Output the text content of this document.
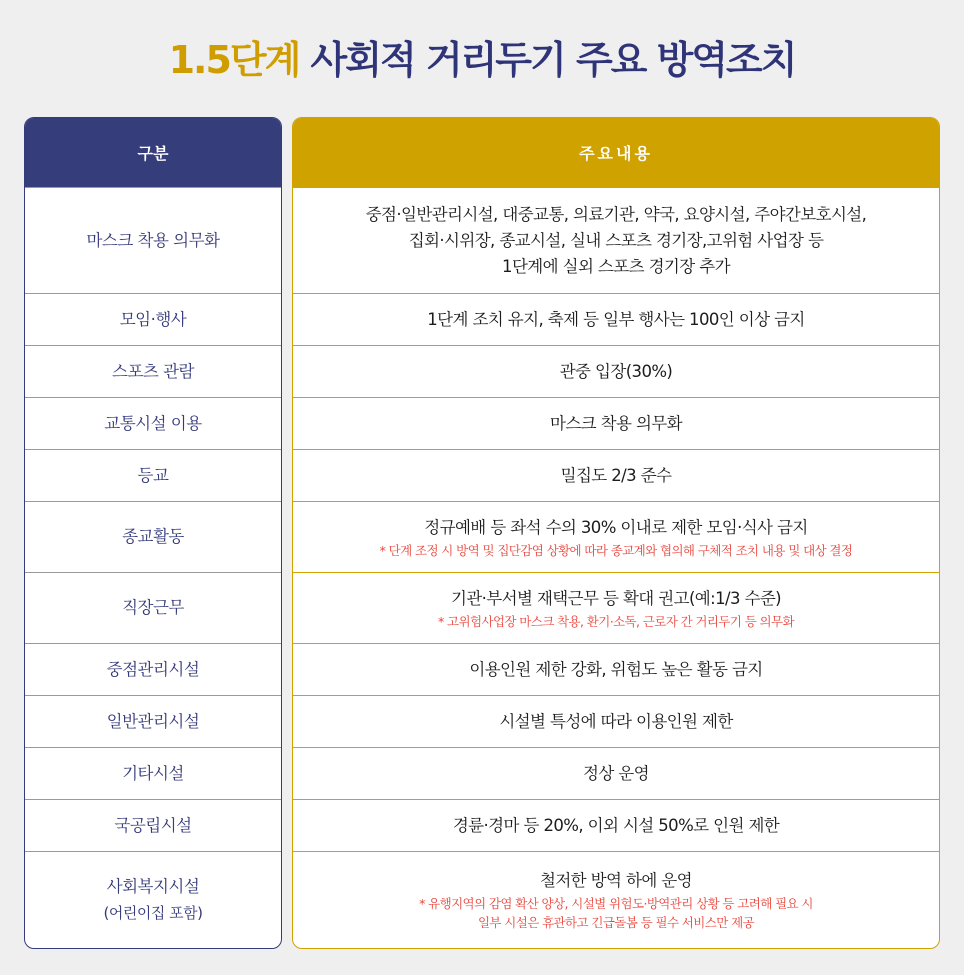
1.5단계 사회적 거리두기 주요 방역조치
구분
마스크 착용 의무화
모임·행사
스포츠 관람
교통시설 이용
등교
종교활동
직장근무
중점관리시설
일반관리시설
기타시설
국공립시설
사회복지시설
(어린이집 포함)
주요내용
중점·일반관리시설, 대중교통, 의료기관, 약국, 요양시설, 주야간보호시설,
집회·시위장, 종교시설, 실내 스포츠 경기장,고위험 사업장 등
1단계에 실외 스포츠 경기장 추가
1단계 조치 유지, 축제 등 일부 행사는 100인 이상 금지
관중 입장(30%)
마스크 착용 의무화
밀집도 2/3 준수
정규예배 등 좌석 수의 30% 이내로 제한 모임·식사 금지
* 단계 조정 시 방역 및 집단감염 상황에 따라 종교계와 협의해 구체적 조치 내용 및 대상 결정
기관·부서별 재택근무 등 확대 권고(예:1/3 수준)
* 고위험사업장 마스크 착용, 환기·소독, 근로자 간 거리두기 등 의무화
이용인원 제한 강화, 위험도 높은 활동 금지
시설별 특성에 따라 이용인원 제한
정상 운영
경륜·경마 등 20%, 이외 시설 50%로 인원 제한
철저한 방역 하에 운영
* 유행지역의 감염 확산 양상, 시설별 위험도·방역관리 상황 등 고려해 필요 시
일부 시설은 휴관하고 긴급돌봄 등 필수 서비스만 제공
